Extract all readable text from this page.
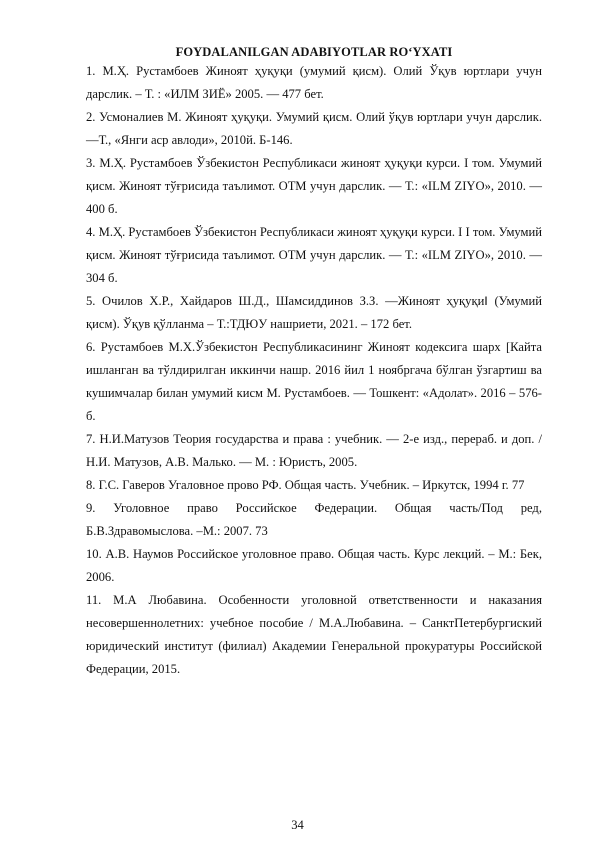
FOYDALANILGAN ADABIYOTLAR RO‘YXATI

1. М.Ҳ. Рустамбоев Жиноят ҳуқуқи (умумий қисм). Олий Ўқув юртлари учун дарслик. – Т. : «ИЛМ ЗИЁ» 2005. — 477 бет.

2. Усмоналиев М. Жиноят ҳуқуқи. Умумий қисм. Олий ўқув юртлари учун дарслик.—Т., «Янги аср авлоди», 2010й. Б-146.

3. М.Ҳ. Рустамбоев Ўзбекистон Республикаси жиноят ҳуқуқи курси. I том. Умумий қисм. Жиноят тўғрисида таълимот. ОТМ учун дарслик. — Т.: «ILM ZIYO», 2010. — 400 б.

4. М.Ҳ. Рустамбоев Ўзбекистон Республикаси жиноят ҳуқуқи курси. I I том. Умумий қисм. Жиноят тўғрисида таълимот. ОТМ учун дарслик. — Т.: «ILM ZIYO», 2010. — 304 б.

5. Очилов Х.Р., Хайдаров Ш.Д., Шамсиддинов З.З. ―Жиноят ҳуқуқи‖ (Умумий қисм). Ўқув қўлланма – Т.:ТДЮУ нашриети, 2021. – 172 бет.

6. Рустамбоев М.Х.Ўзбекистон Республикасининг Жиноят кодексига шарх [Кайта ишланган ва тўлдирилган иккинчи нашр. 2016 йил 1 ноябргача бўлган ўзгартиш ва кушимчалар билан умумий кисм М. Рустамбоев. — Тошкент: «Адолат». 2016 – 576-б.

7. Н.И.Матузов Теория государства и права : учебник. — 2-е изд., перераб. и доп. / Н.И. Матузов, А.В. Малько. — М. : Юристъ, 2005.

8. Г.С. Гаверов Угаловное прово РФ. Общая часть. Учебник. – Иркутск, 1994 г. 77

9. Уголовное право Российское Федерации. Общая часть/Под ред, Б.В.Здравомыслова. –М.: 2007. 73

10. А.В. Наумов Российское уголовное право. Общая часть. Курс лекций. – М.: Бек, 2006.

11. М.А Любавина. Особенности уголовной ответственности и наказания несовершеннолетних: учебное пособие / М.А.Любавина. – СанктПетербургиский юридический институт (филиал) Академии Генеральной прокуратуры Российской Федерации, 2015.

34
